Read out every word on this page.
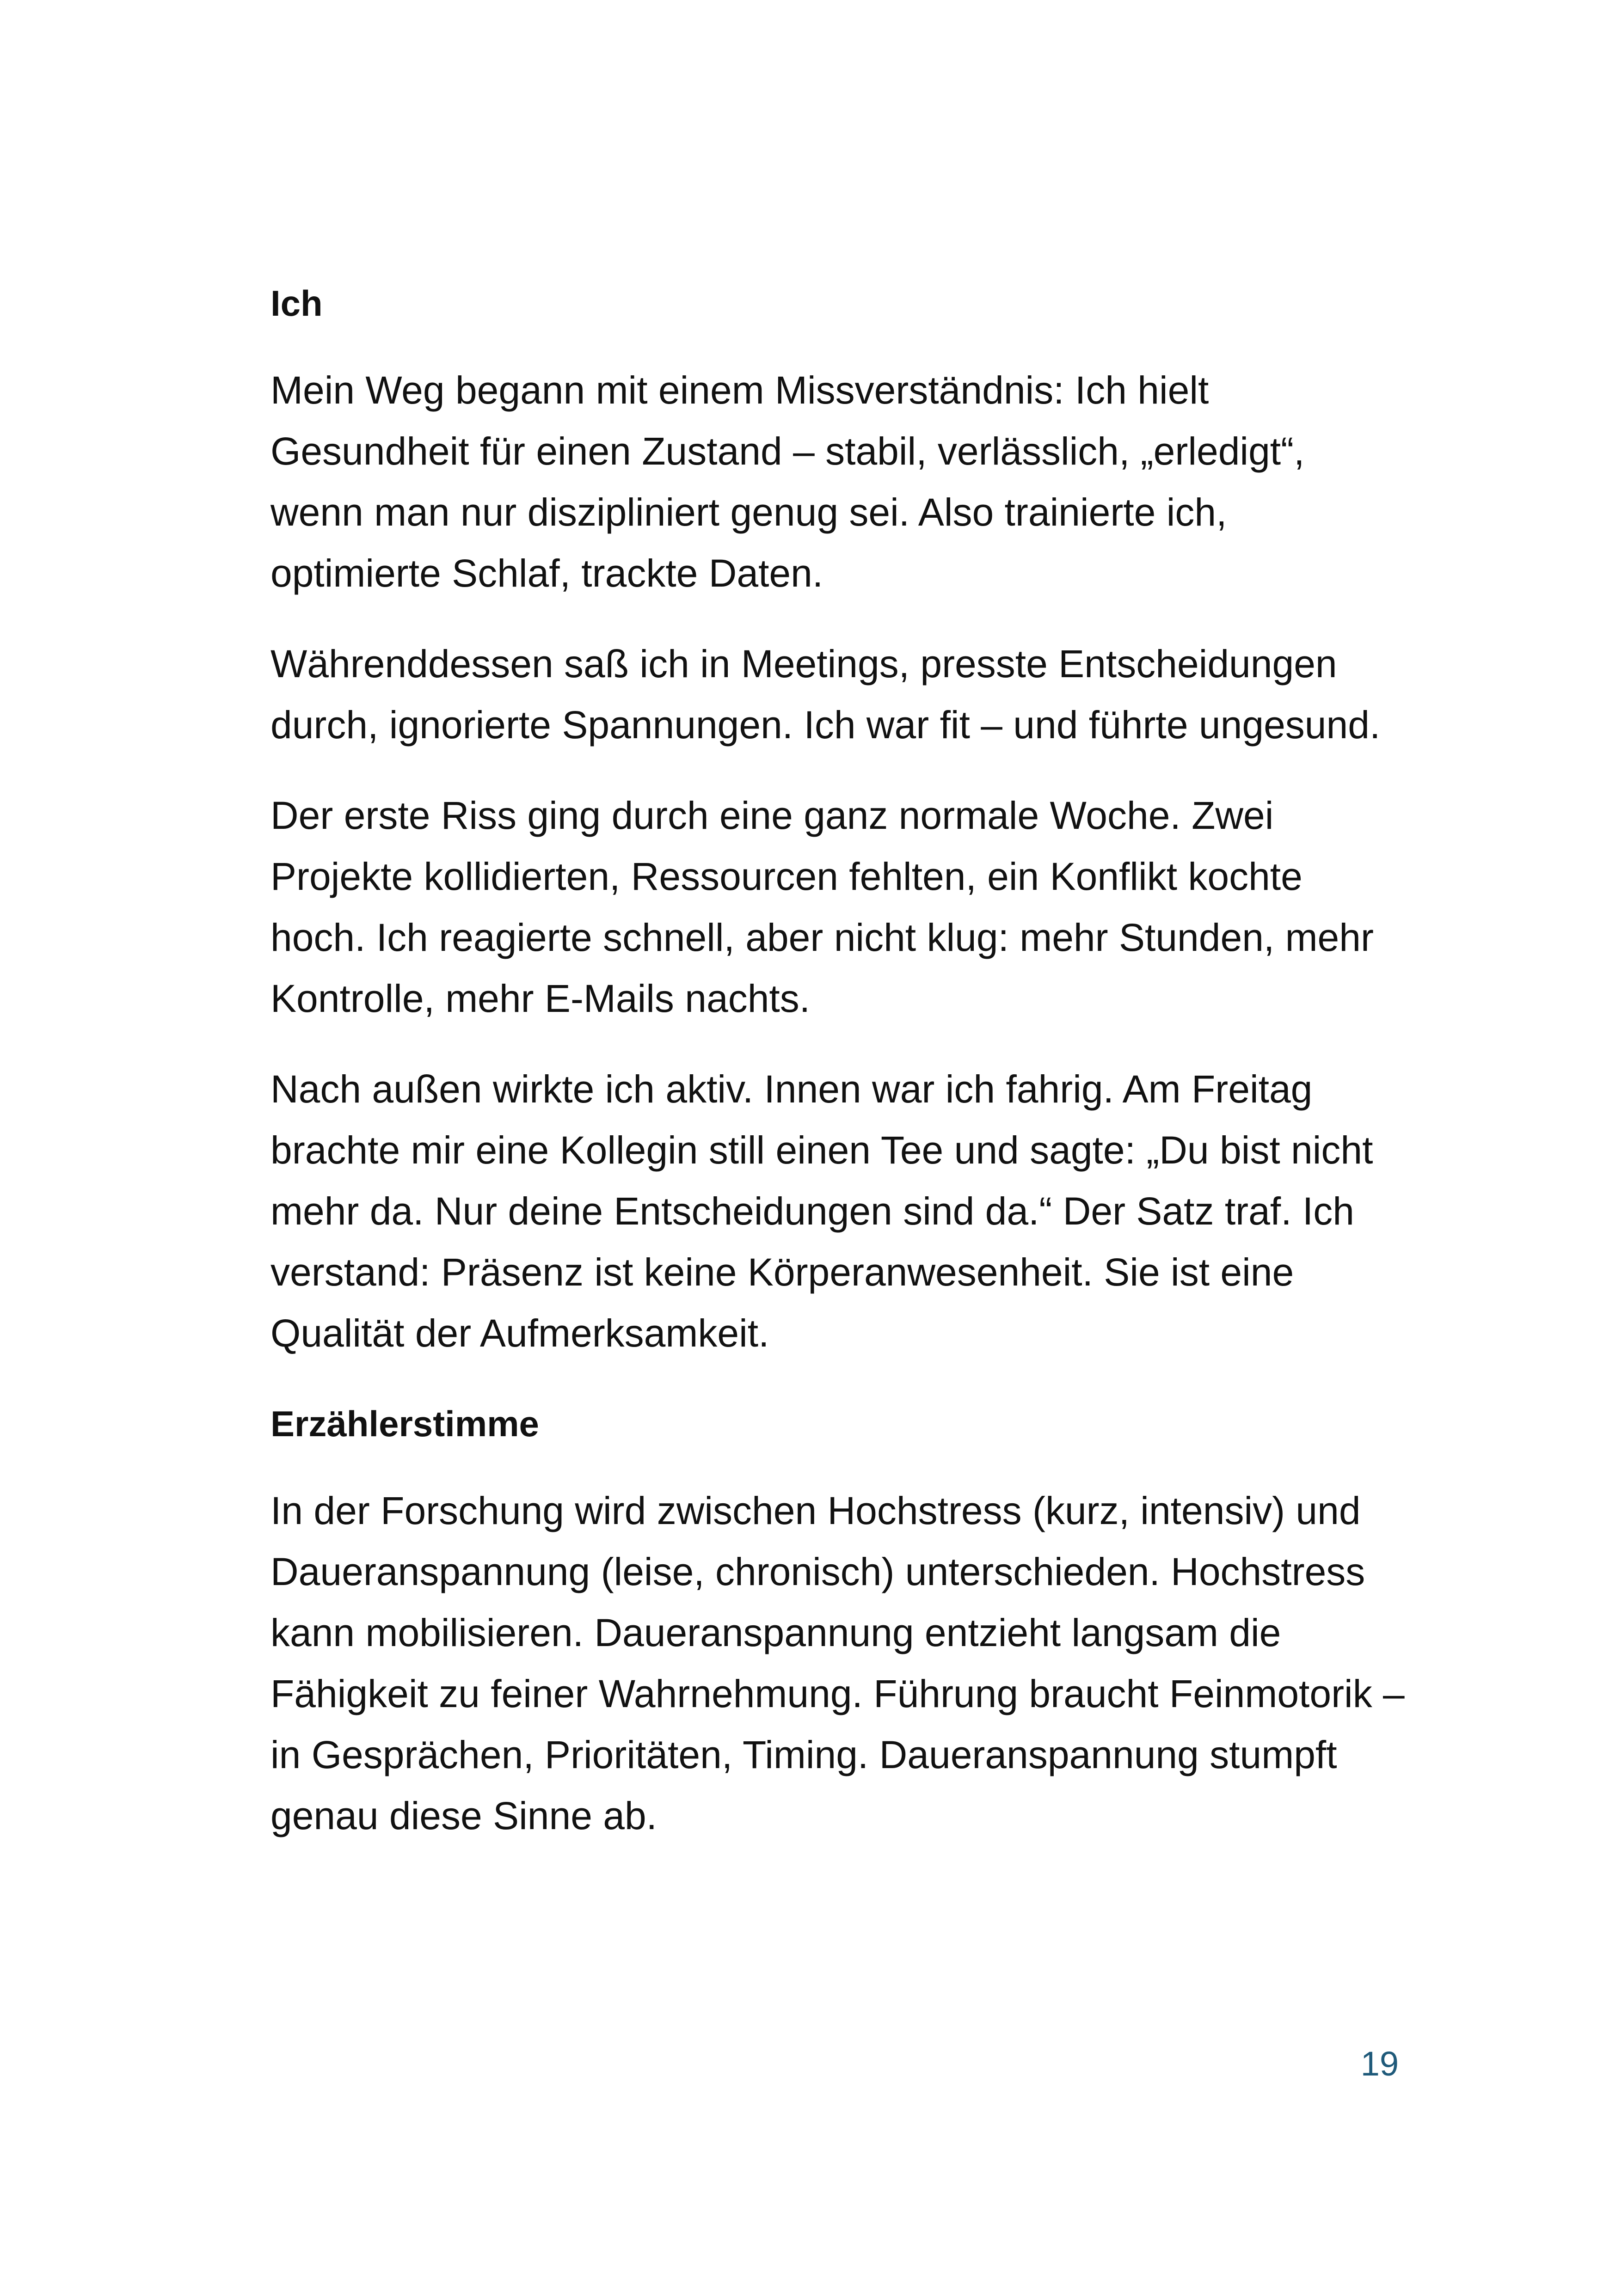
Ich

Mein Weg begann mit einem Missverständnis: Ich hielt Gesundheit für einen Zustand – stabil, verlässlich, „erledigt“, wenn man nur diszipliniert genug sei. Also trainierte ich, optimierte Schlaf, trackte Daten.

Währenddessen saß ich in Meetings, presste Entscheidungen durch, ignorierte Spannungen. Ich war fit – und führte ungesund.

Der erste Riss ging durch eine ganz normale Woche. Zwei Projekte kollidierten, Ressourcen fehlten, ein Konflikt kochte hoch. Ich reagierte schnell, aber nicht klug: mehr Stunden, mehr Kontrolle, mehr E-Mails nachts.

Nach außen wirkte ich aktiv. Innen war ich fahrig. Am Freitag brachte mir eine Kollegin still einen Tee und sagte: „Du bist nicht mehr da. Nur deine Entscheidungen sind da.“ Der Satz traf. Ich verstand: Präsenz ist keine Körperanwesenheit. Sie ist eine Qualität der Aufmerksamkeit.

Erzählerstimme

In der Forschung wird zwischen Hochstress (kurz, intensiv) und Daueranspannung (leise, chronisch) unterschieden. Hochstress kann mobilisieren. Daueranspannung entzieht langsam die Fähigkeit zu feiner Wahrnehmung. Führung braucht Feinmotorik – in Gesprächen, Prioritäten, Timing. Daueranspannung stumpft genau diese Sinne ab.

19
